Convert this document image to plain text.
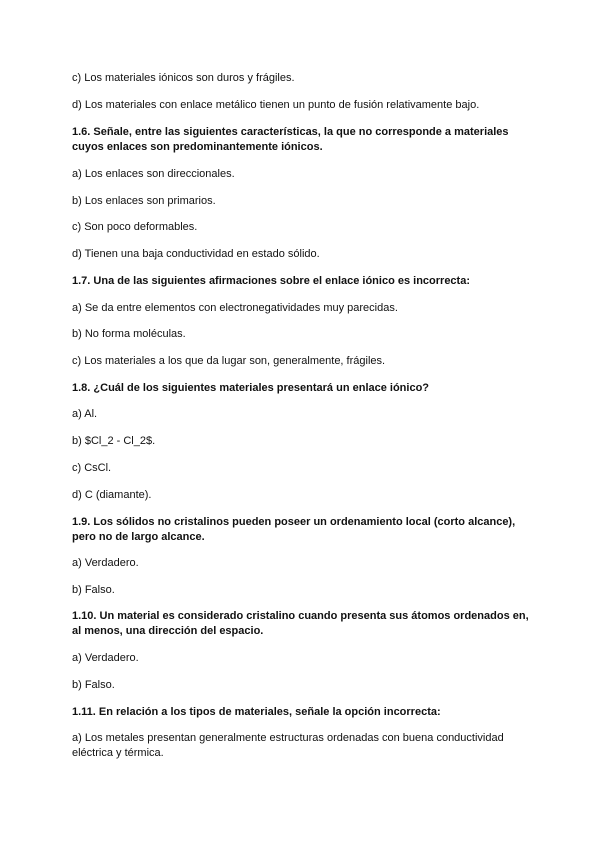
c) Los materiales iónicos son duros y frágiles.
d) Los materiales con enlace metálico tienen un punto de fusión relativamente bajo.
1.6. Señale, entre las siguientes características, la que no corresponde a materiales cuyos enlaces son predominantemente iónicos.
a) Los enlaces son direccionales.
b) Los enlaces son primarios.
c) Son poco deformables.
d) Tienen una baja conductividad en estado sólido.
1.7. Una de las siguientes afirmaciones sobre el enlace iónico es incorrecta:
a) Se da entre elementos con electronegatividades muy parecidas.
b) No forma moléculas.
c) Los materiales a los que da lugar son, generalmente, frágiles.
1.8. ¿Cuál de los siguientes materiales presentará un enlace iónico?
a) Al.
b) $Cl_2 - Cl_2$.
c) CsCl.
d) C (diamante).
1.9. Los sólidos no cristalinos pueden poseer un ordenamiento local (corto alcance), pero no de largo alcance.
a) Verdadero.
b) Falso.
1.10. Un material es considerado cristalino cuando presenta sus átomos ordenados en, al menos, una dirección del espacio.
a) Verdadero.
b) Falso.
1.11. En relación a los tipos de materiales, señale la opción incorrecta:
a) Los metales presentan generalmente estructuras ordenadas con buena conductividad eléctrica y térmica.
